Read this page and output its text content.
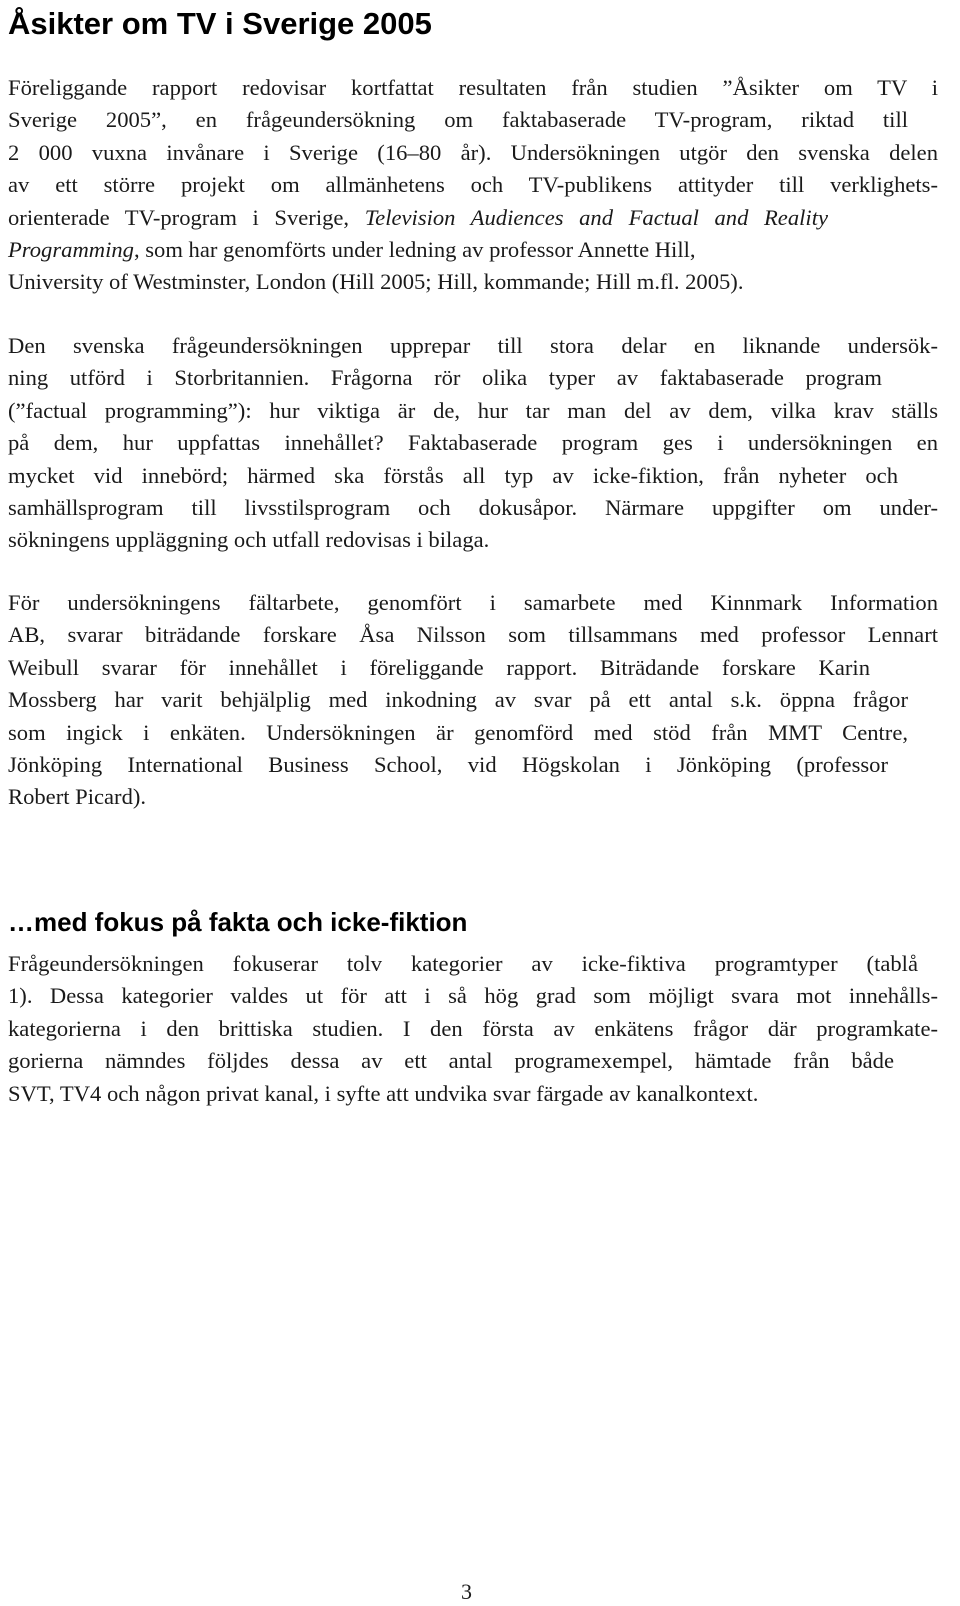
Åsikter om TV i Sverige 2005
Föreliggande rapport redovisar kortfattat resultaten från studien ”Åsikter om TV i
Sverige 2005”, en frågeundersökning om faktabaserade TV-program, riktad till
2 000 vuxna invånare i Sverige (16–80 år). Undersökningen utgör den svenska delen
av ett större projekt om allmänhetens och TV-publikens attityder till verklighets-
orienterade TV-program i Sverige, Television Audiences and Factual and Reality
Programming, som har genomförts under ledning av professor Annette Hill,
University of Westminster, London (Hill 2005; Hill, kommande; Hill m.fl. 2005).
Den svenska frågeundersökningen upprepar till stora delar en liknande undersök-
ning utförd i Storbritannien. Frågorna rör olika typer av faktabaserade program
(”factual programming”): hur viktiga är de, hur tar man del av dem, vilka krav ställs
på dem, hur uppfattas innehållet? Faktabaserade program ges i undersökningen en
mycket vid innebörd; härmed ska förstås all typ av icke-fiktion, från nyheter och
samhällsprogram till livsstilsprogram och dokusåpor. Närmare uppgifter om under-
sökningens uppläggning och utfall redovisas i bilaga.
För undersökningens fältarbete, genomfört i samarbete med Kinnmark Information
AB, svarar biträdande forskare Åsa Nilsson som tillsammans med professor Lennart
Weibull svarar för innehållet i föreliggande rapport. Biträdande forskare Karin
Mossberg har varit behjälplig med inkodning av svar på ett antal s.k. öppna frågor
som ingick i enkäten. Undersökningen är genomförd med stöd från MMT Centre,
Jönköping International Business School, vid Högskolan i Jönköping (professor
Robert Picard).
…med fokus på fakta och icke-fiktion
Frågeundersökningen fokuserar tolv kategorier av icke-fiktiva programtyper (tablå
1). Dessa kategorier valdes ut för att i så hög grad som möjligt svara mot innehålls-
kategorierna i den brittiska studien. I den första av enkätens frågor där programkate-
gorierna nämndes följdes dessa av ett antal programexempel, hämtade från både
SVT, TV4 och någon privat kanal, i syfte att undvika svar färgade av kanalkontext.
3
